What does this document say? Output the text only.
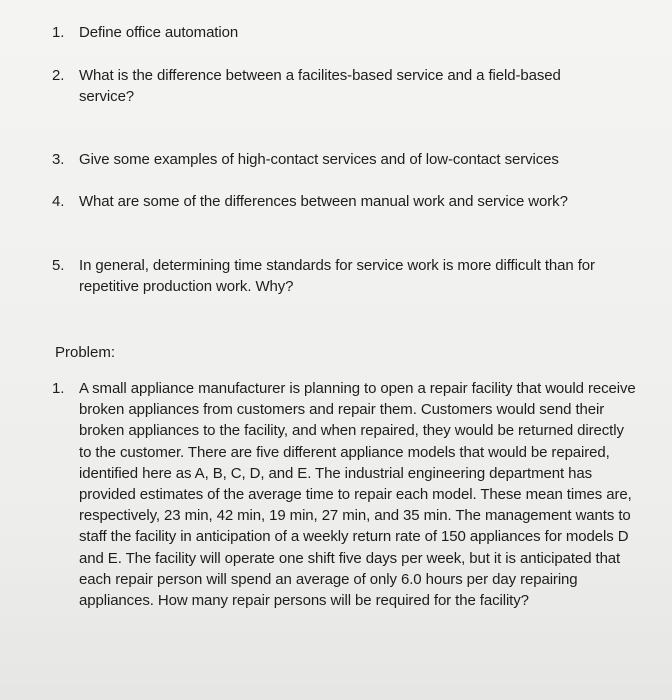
1. Define office automation
2. What is the difference between a facilites-based service and a field-based service?
3. Give some examples of high-contact services and of low-contact services
4. What are some of the differences between manual work and service work?
5. In general, determining time standards for service work is more difficult than for repetitive production work. Why?
Problem:
1. A small appliance manufacturer is planning to open a repair facility that would receive broken appliances from customers and repair them. Customers would send their broken appliances to the facility, and when repaired, they would be returned directly to the customer. There are five different appliance models that would be repaired, identified here as A, B, C, D, and E. The industrial engineering department has provided estimates of the average time to repair each model. These mean times are, respectively, 23 min, 42 min, 19 min, 27 min, and 35 min. The management wants to staff the facility in anticipation of a weekly return rate of 150 appliances for models D and E. The facility will operate one shift five days per week, but it is anticipated that each repair person will spend an average of only 6.0 hours per day repairing appliances. How many repair persons will be required for the facility?
